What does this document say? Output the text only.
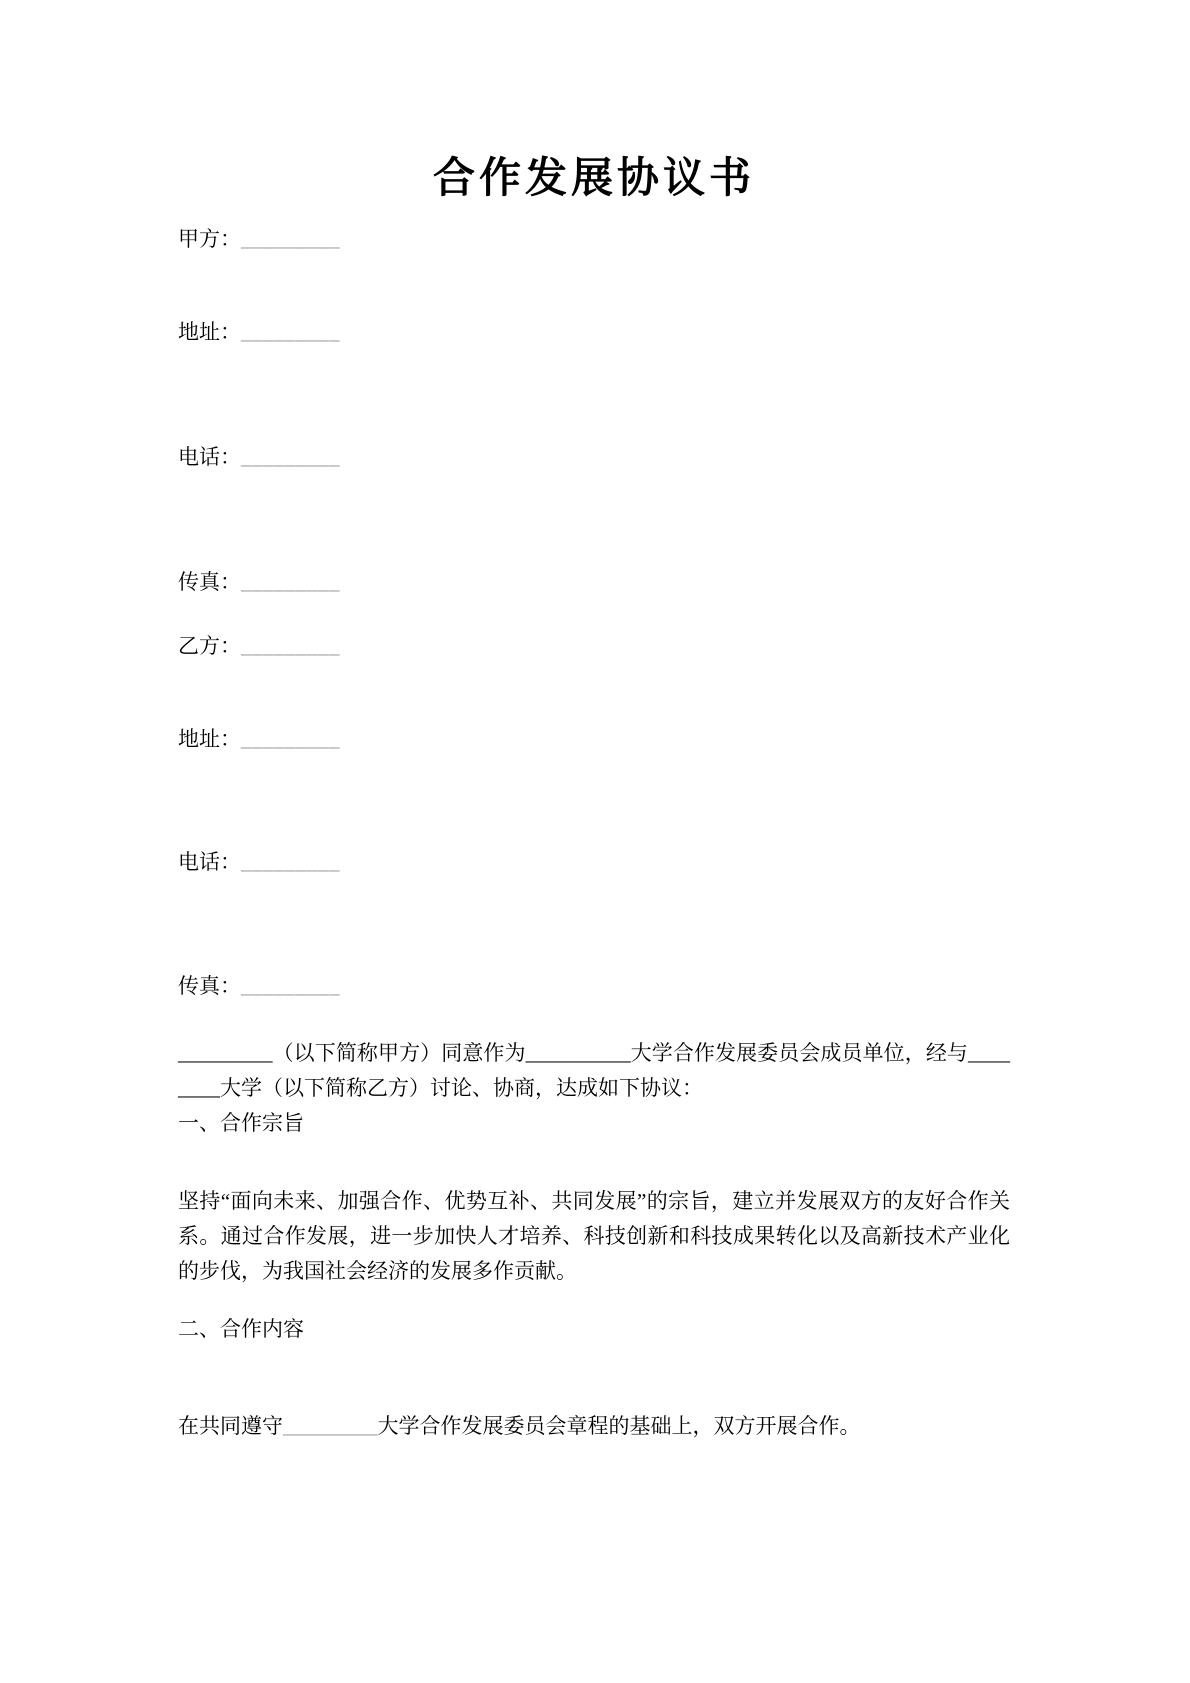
合作发展协议书
甲方：_________
地址：_________
电话：_________
传真：_________
乙方：_________
地址：_________
电话：_________
传真：_________
_________（以下简称甲方）同意作为__________大学合作发展委员会成员单位，经与____​____大学（以下简称乙方）讨论、协商，达成如下协议：
一、合作宗旨
坚持“面向未来、加强合作、优势互补、共同发展”的宗旨，建立并发展双方的友好合作关系。通过合作发展，进一步加快人才培养、科技创新和科技成果转化以及高新技术产业化的步伐，为我国社会经济的发展多作贡献。
二、合作内容
在共同遵守_________大学合作发展委员会章程的基础上，双方开展合作。
